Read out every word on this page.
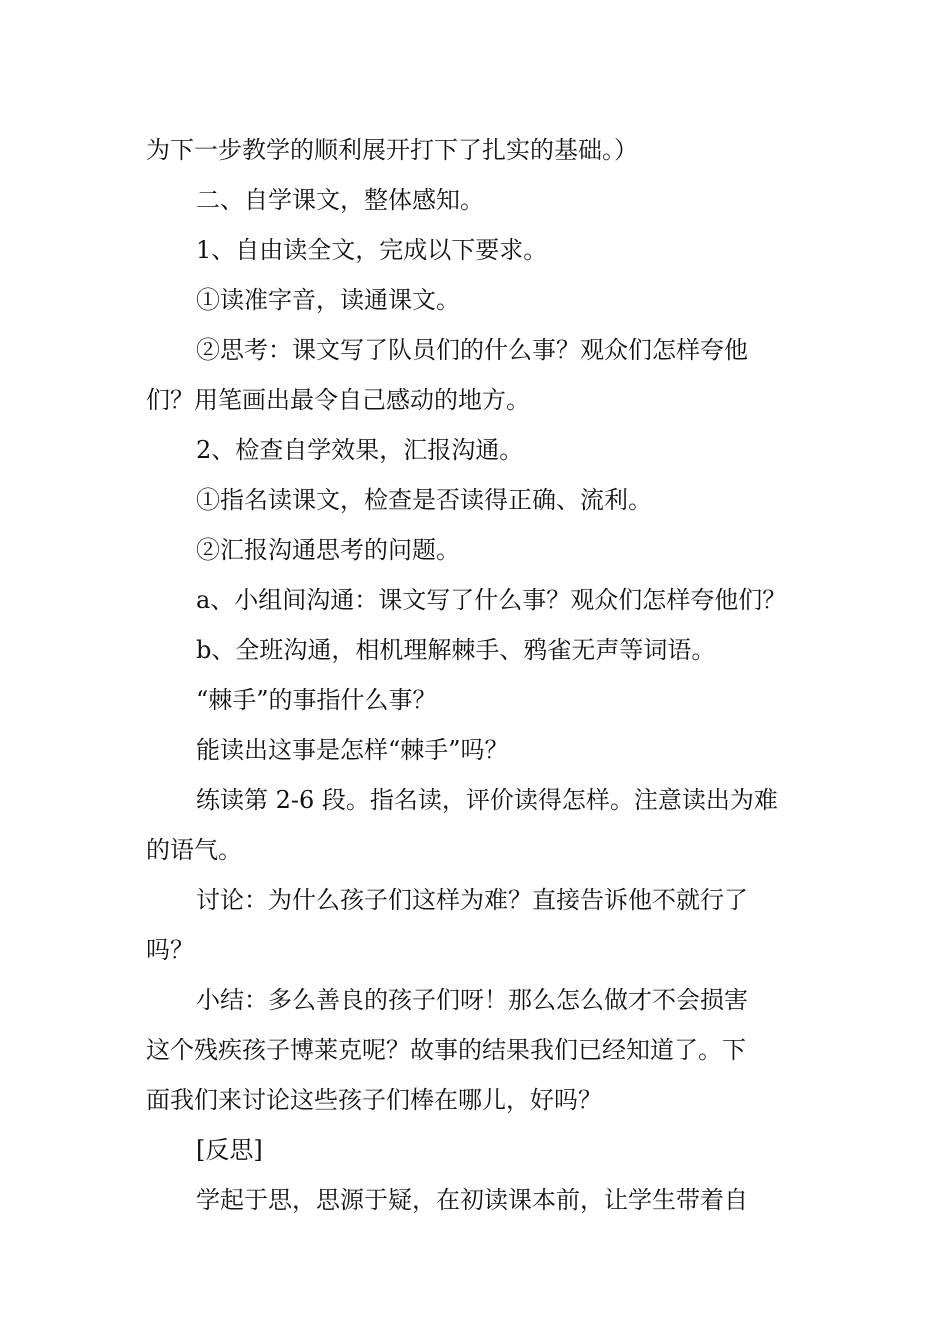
为下一步教学的顺利展开打下了扎实的基础。）
二、自学课文，整体感知。
1、自由读全文，完成以下要求。
①读准字音，读通课文。
②思考：课文写了队员们的什么事？观众们怎样夸他
们？用笔画出最令自己感动的地方。
2、检查自学效果，汇报沟通。
①指名读课文，检查是否读得正确、流利。
②汇报沟通思考的问题。
a、小组间沟通：课文写了什么事？观众们怎样夸他们？
b、全班沟通，相机理解棘手、鸦雀无声等词语。
“棘手”的事指什么事？
能读出这事是怎样“棘手”吗？
练读第 2-6 段。指名读，评价读得怎样。注意读出为难
的语气。
讨论：为什么孩子们这样为难？直接告诉他不就行了
吗？
小结：多么善良的孩子们呀！那么怎么做才不会损害
这个残疾孩子博莱克呢？故事的结果我们已经知道了。下
面我们来讨论这些孩子们棒在哪儿，好吗？
[反思]
学起于思，思源于疑，在初读课本前，让学生带着自
